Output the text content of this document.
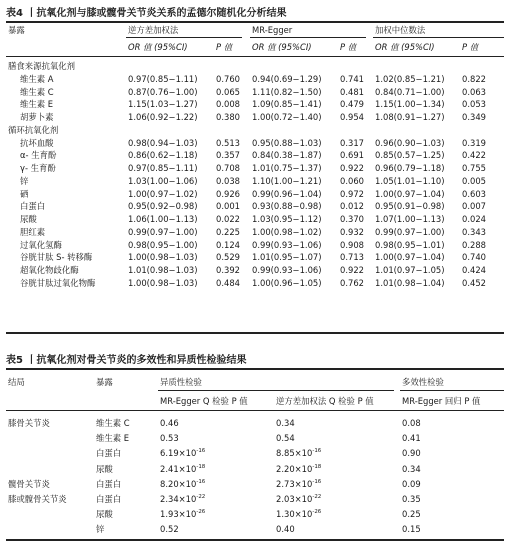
表4 丨抗氧化剂与膝或髋骨关节炎关系的孟德尔随机化分析结果
暴露	逆方差加权法	MR-Egger	加权中位数法
OR 值 (95%CI)	P 值 OR 值 (95%CI)	P 值 OR 值 (95%CI)	P 值
膳食来源抗氧化剂
维生素 A	0.97(0.85−1.11) 0.760 0.94(0.69−1.29) 0.741 1.02(0.85−1.21) 0.822
维生素 C	0.87(0.76−1.00) 0.065 1.11(0.82−1.50) 0.481 0.84(0.71−1.00) 0.063
维生素 E	1.15(1.03−1.27) 0.008 1.09(0.85−1.41) 0.479 1.15(1.00−1.34) 0.053
胡萝卜素	1.06(0.92−1.22) 0.380 1.00(0.72−1.40) 0.954 1.08(0.91−1.27) 0.349
循环抗氧化剂
抗坏血酸	0.98(0.94−1.03) 0.513 0.95(0.88−1.03) 0.317 0.96(0.90−1.03) 0.319
α- 生育酚	0.86(0.62−1.18) 0.357 0.84(0.38−1.87) 0.691 0.85(0.57−1.25) 0.422
γ- 生育酚	0.97(0.85−1.11) 0.708 1.01(0.75−1.37) 0.922 0.96(0.79−1.18) 0.755
锌	1.03(1.00−1.06) 0.038 1.10(1.00−1.21) 0.060 1.05(1.01−1.10) 0.005
硒	1.00(0.97−1.02) 0.926 0.99(0.96−1.04) 0.972 1.00(0.97−1.04) 0.603
白蛋白	0.95(0.92−0.98) 0.001 0.93(0.88−0.98) 0.012 0.95(0.91−0.98) 0.007
尿酸	1.06(1.00−1.13) 0.022 1.03(0.95−1.12) 0.370 1.07(1.00−1.13) 0.024
胆红素	0.99(0.97−1.00) 0.225 1.00(0.98−1.02) 0.932 0.99(0.97−1.00) 0.343
过氧化氢酶	0.98(0.95−1.00) 0.124 0.99(0.93−1.06) 0.908 0.98(0.95−1.01) 0.288
谷胱甘肽 S- 转移酶	1.00(0.98−1.03) 0.529 1.01(0.95−1.07) 0.713 1.00(0.97−1.04) 0.740
超氧化物歧化酶	1.01(0.98−1.03) 0.392 0.99(0.93−1.06) 0.922 1.01(0.97−1.05) 0.424
谷胱甘肽过氧化物酶	1.00(0.98−1.03) 0.484 1.00(0.96−1.05) 0.762 1.01(0.98−1.04) 0.452
表5 丨抗氧化剂对骨关节炎的多效性和异质性检验结果
结局	暴露	异质性检验	多效性检验
MR-Egger Q 检验 P 值	逆方差加权法 Q 检验 P 值	MR-Egger 回归 P 值
膝骨关节炎	维生素 C	0.46	0.34	0.08
维生素 E	0.53	0.54	0.41
白蛋白	$6.19\times 10^{-16}$	$8.85\times 10^{-16}$	0.90
尿酸	$2.41\times 10^{-18}$	$2.20\times 10^{-18}$	0.34
髋骨关节炎	白蛋白	$8.20\times 10^{-16}$	$2.73\times 10^{-16}$	0.09
膝或髋骨关节炎	白蛋白	$2.34\times 10^{-22}$	$2.03\times 10^{-22}$	0.35
尿酸	$1.93\times 10^{-26}$	$1.30\times 10^{-26}$	0.25
锌	0.52	0.40	0.15
